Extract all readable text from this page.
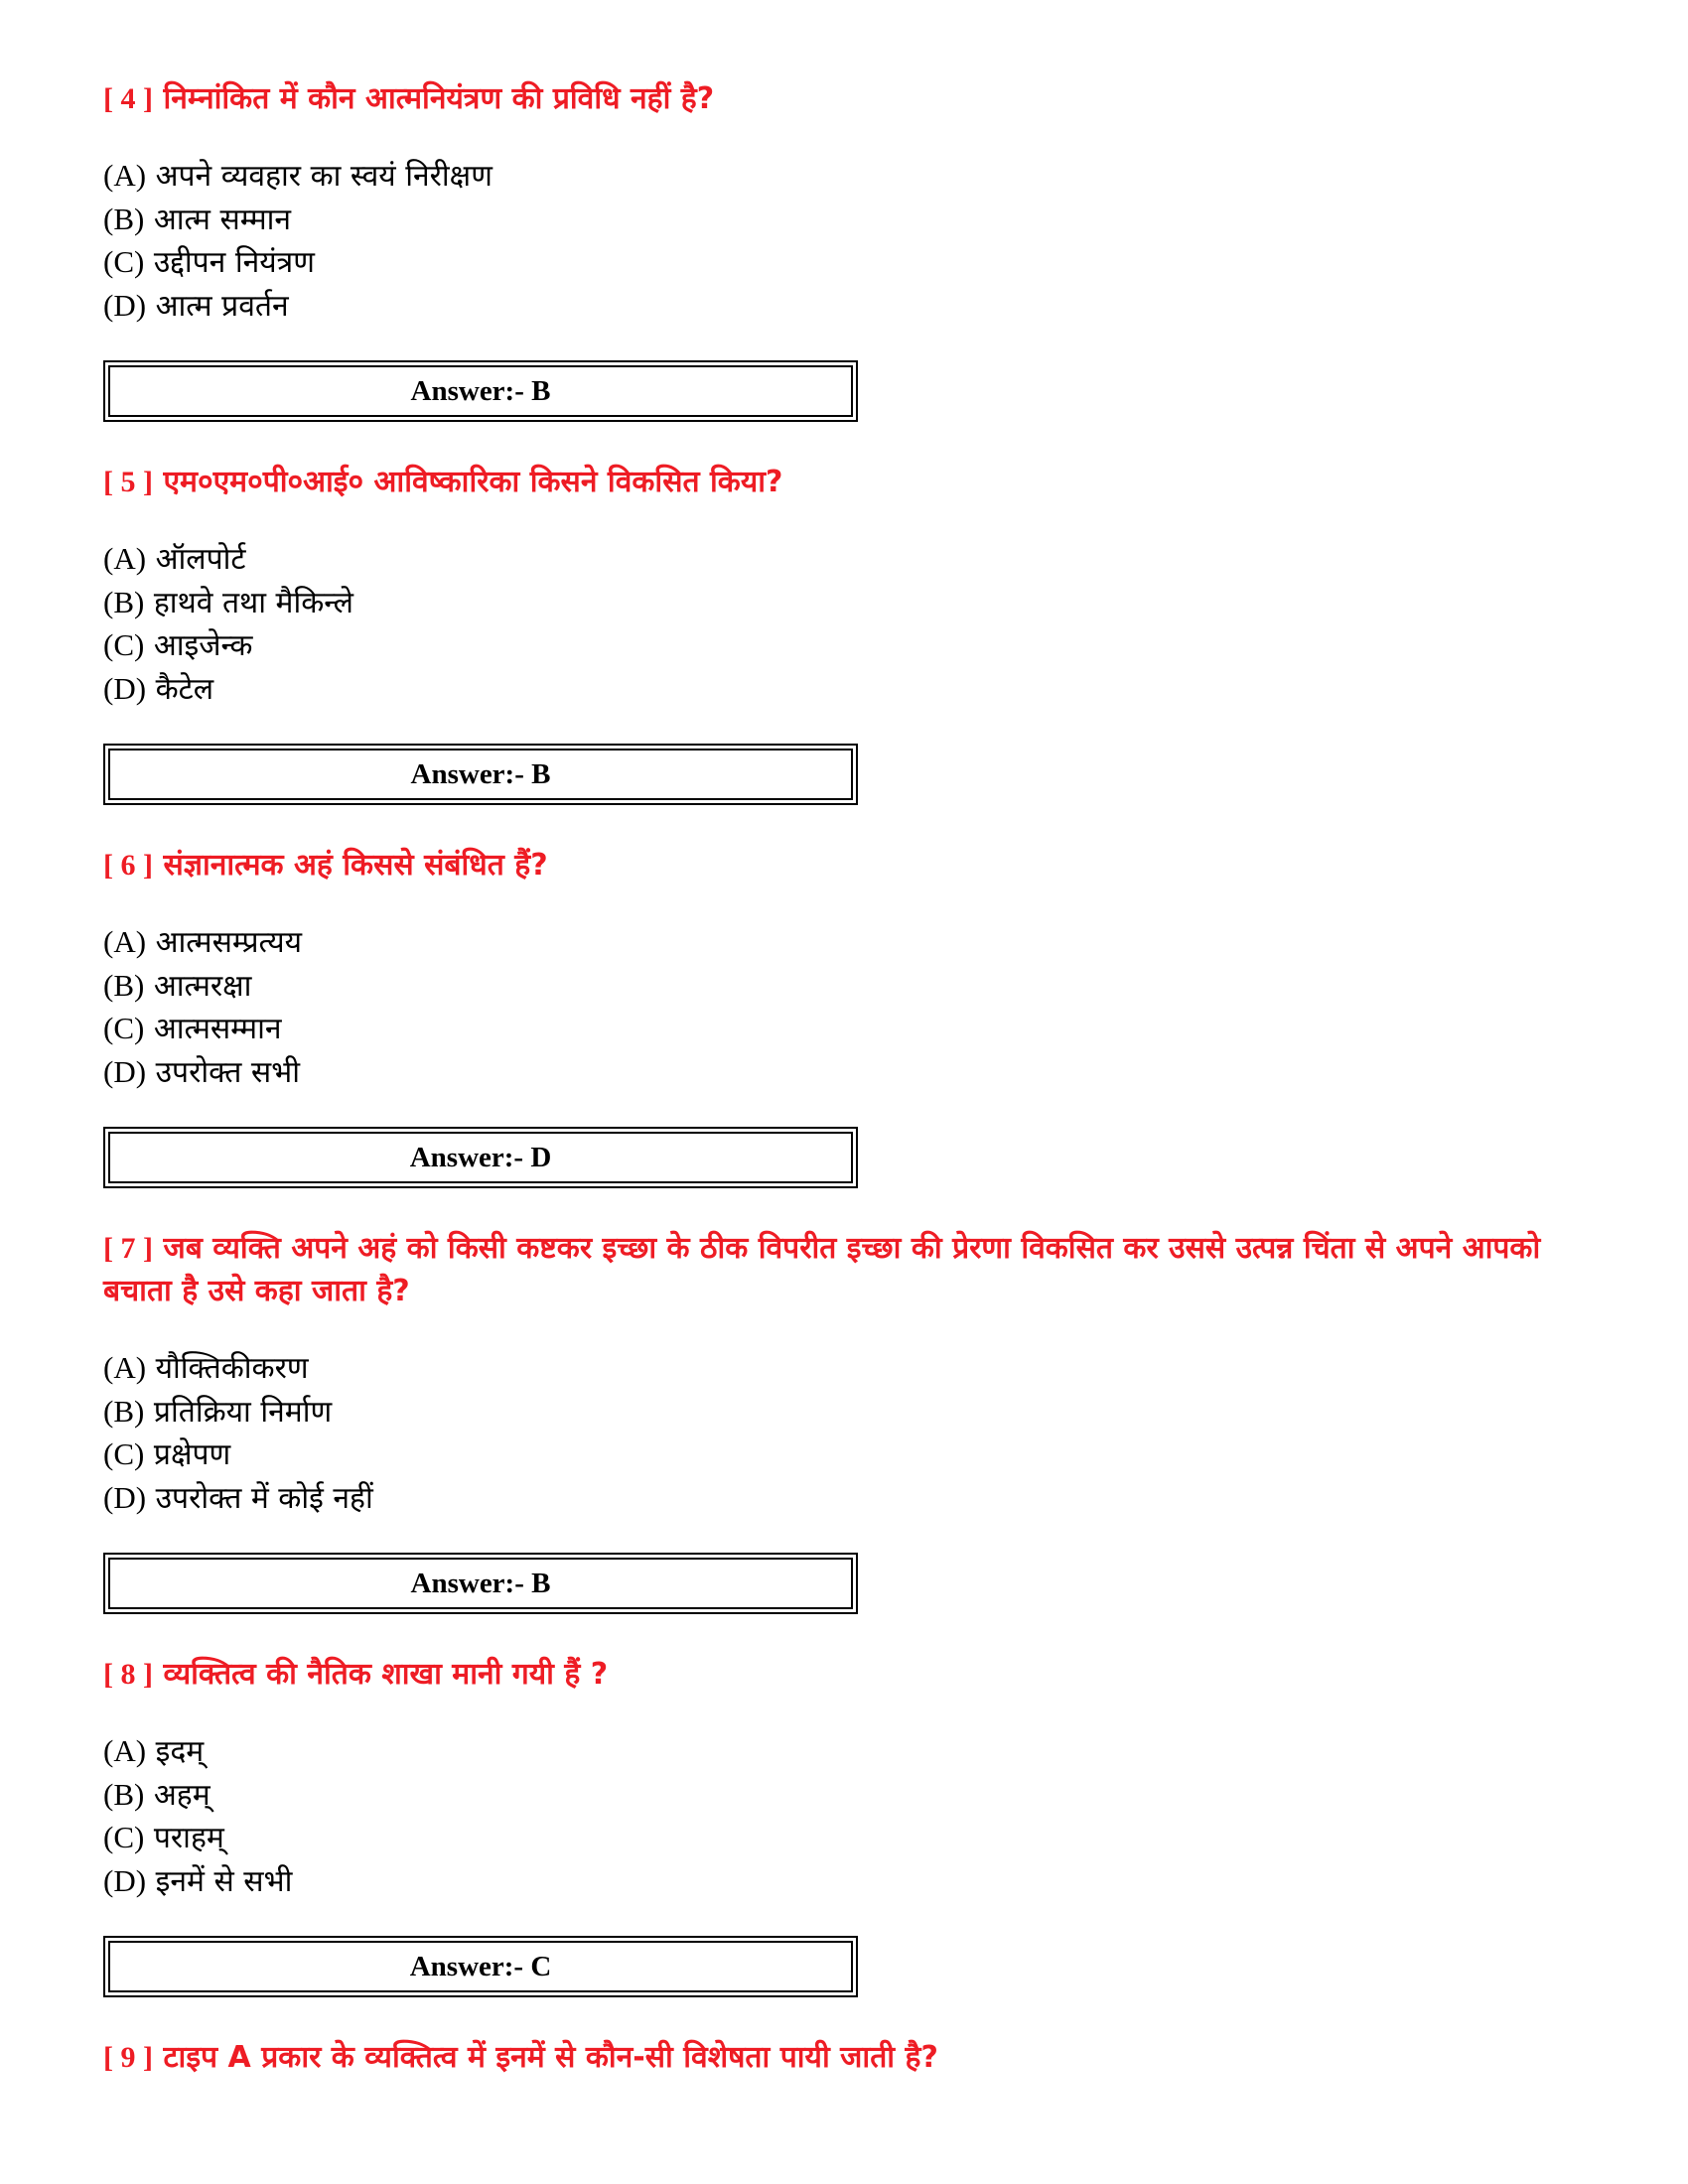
[ 4 ] निम्नांकित में कौन आत्मनियंत्रण की प्रविधि नहीं है?

(A) अपने व्यवहार का स्वयं निरीक्षण
(B) आत्म सम्मान
(C) उद्दीपन नियंत्रण
(D) आत्म प्रवर्तन
Answer:- B

[ 5 ] एम०एम०पी०आई० आविष्कारिका किसने विकसित किया?

(A) ऑलपोर्ट
(B) हाथवे तथा मैकिन्ले
(C) आइजेन्क
(D) कैटेल
Answer:- B

[ 6 ] संज्ञानात्मक अहं किससे संबंधित हैं?

(A) आत्मसम्प्रत्यय
(B) आत्मरक्षा
(C) आत्मसम्मान
(D) उपरोक्त सभी
Answer:- D

[ 7 ] जब व्यक्ति अपने अहं को किसी कष्टकर इच्छा के ठीक विपरीत इच्छा की प्रेरणा विकसित कर उससे उत्पन्न चिंता से अपने आपको बचाता है उसे कहा जाता है?

(A) यौक्तिकीकरण
(B) प्रतिक्रिया निर्माण
(C) प्रक्षेपण
(D) उपरोक्त में कोई नहीं
Answer:- B

[ 8 ] व्यक्तित्व की नैतिक शाखा मानी गयी हैं ?

(A) इदम्
(B) अहम्
(C) पराहम्
(D) इनमें से सभी
Answer:- C

[ 9 ] टाइप A प्रकार के व्यक्तित्व में इनमें से कौन-सी विशेषता पायी जाती है?
